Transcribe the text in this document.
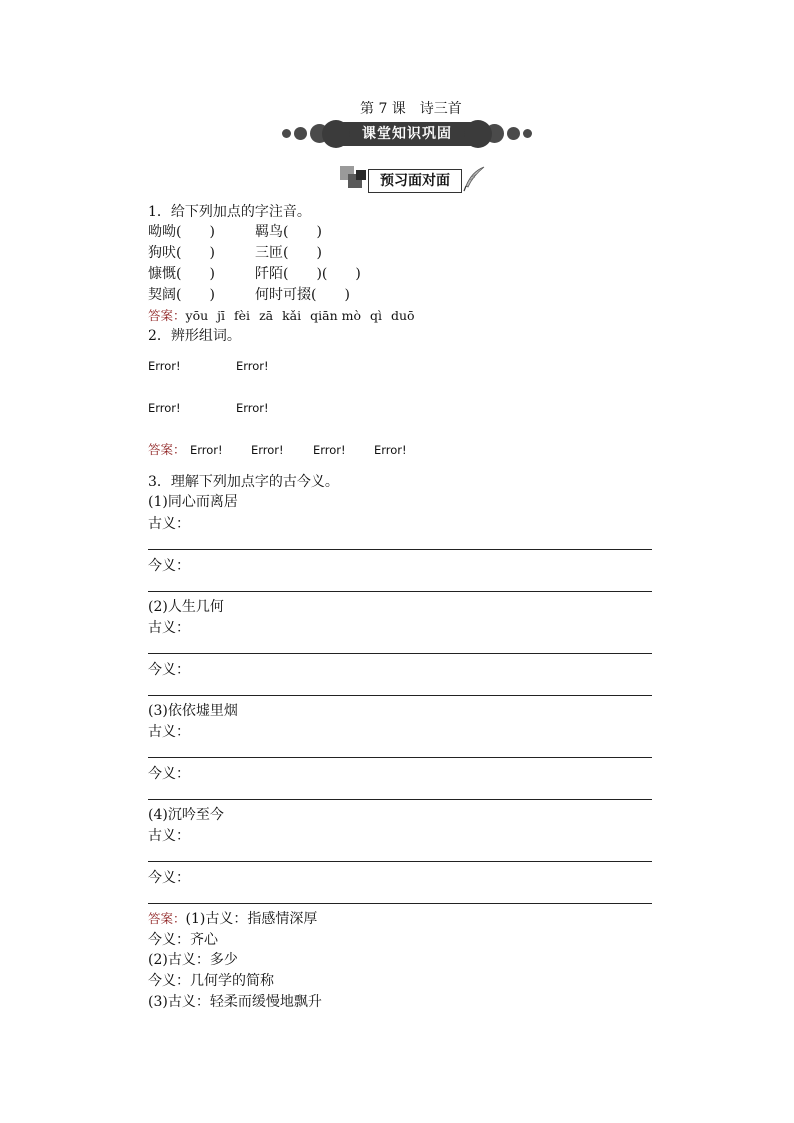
第 7 课　诗三首
课堂知识巩固
预习面对面
1．给下列加点的字注音。
呦呦(　　)	羁鸟(　　)
狗吠(　　)	三匝(　　)
慷慨(　　)	阡陌(　　)(　　)
契阔(　　)	何时可掇(　　)
答案：yōu jī fèi zā kǎi qiān mò qì duō
2．辨形组词。
Error!	Error!
Error!	Error!
答案： Error! Error!	Error! Error!
3．理解下列加点字的古今义。
(1)同心而离居
古义：
今义：
(2)人生几何
古义：
今义：
(3)依依墟里烟
古义：
今义：
(4)沉吟至今
古义：
今义：
答案：(1)古义：指感情深厚
今义：齐心
(2)古义：多少
今义：几何学的简称
(3)古义：轻柔而缓慢地飘升
